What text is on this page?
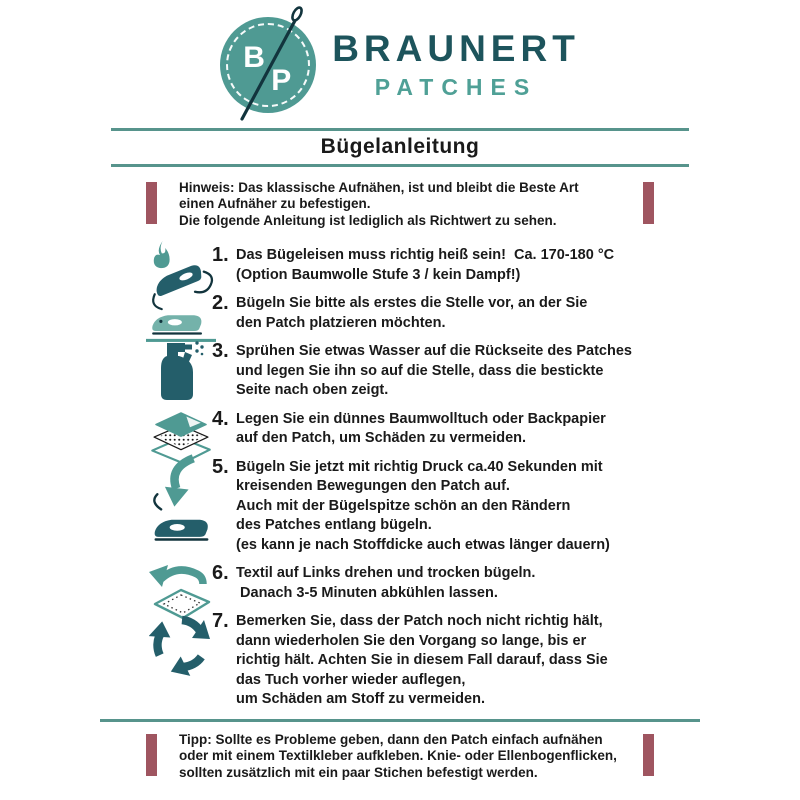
B
P
BRAUNERT
PATCHES
Bügelanleitung
Hinweis: Das klassische Aufnähen, ist und bleibt die Beste Art
einen Aufnäher zu befestigen.
Die folgende Anleitung ist lediglich als Richtwert zu sehen.
1. Das Bügeleisen muss richtig heiß sein!  Ca. 170-180 °C
(Option Baumwolle Stufe 3 / kein Dampf!)
2. Bügeln Sie bitte als erstes die Stelle vor, an der Sie
den Patch platzieren möchten.
3. Sprühen Sie etwas Wasser auf die Rückseite des Patches
und legen Sie ihn so auf die Stelle, dass die bestickte
Seite nach oben zeigt.
4. Legen Sie ein dünnes Baumwolltuch oder Backpapier
auf den Patch, um Schäden zu vermeiden.
5. Bügeln Sie jetzt mit richtig Druck ca.40 Sekunden mit
kreisenden Bewegungen den Patch auf.
Auch mit der Bügelspitze schön an den Rändern
des Patches entlang bügeln.
(es kann je nach Stoffdicke auch etwas länger dauern)
6. Textil auf Links drehen und trocken bügeln.
Danach 3-5 Minuten abkühlen lassen.
7. Bemerken Sie, dass der Patch noch nicht richtig hält,
dann wiederholen Sie den Vorgang so lange, bis er
richtig hält. Achten Sie in diesem Fall darauf, dass Sie
das Tuch vorher wieder auflegen,
um Schäden am Stoff zu vermeiden.
Tipp: Sollte es Probleme geben, dann den Patch einfach aufnähen
oder mit einem Textilkleber aufkleben. Knie- oder Ellenbogenflicken,
sollten zusätzlich mit ein paar Stichen befestigt werden.
